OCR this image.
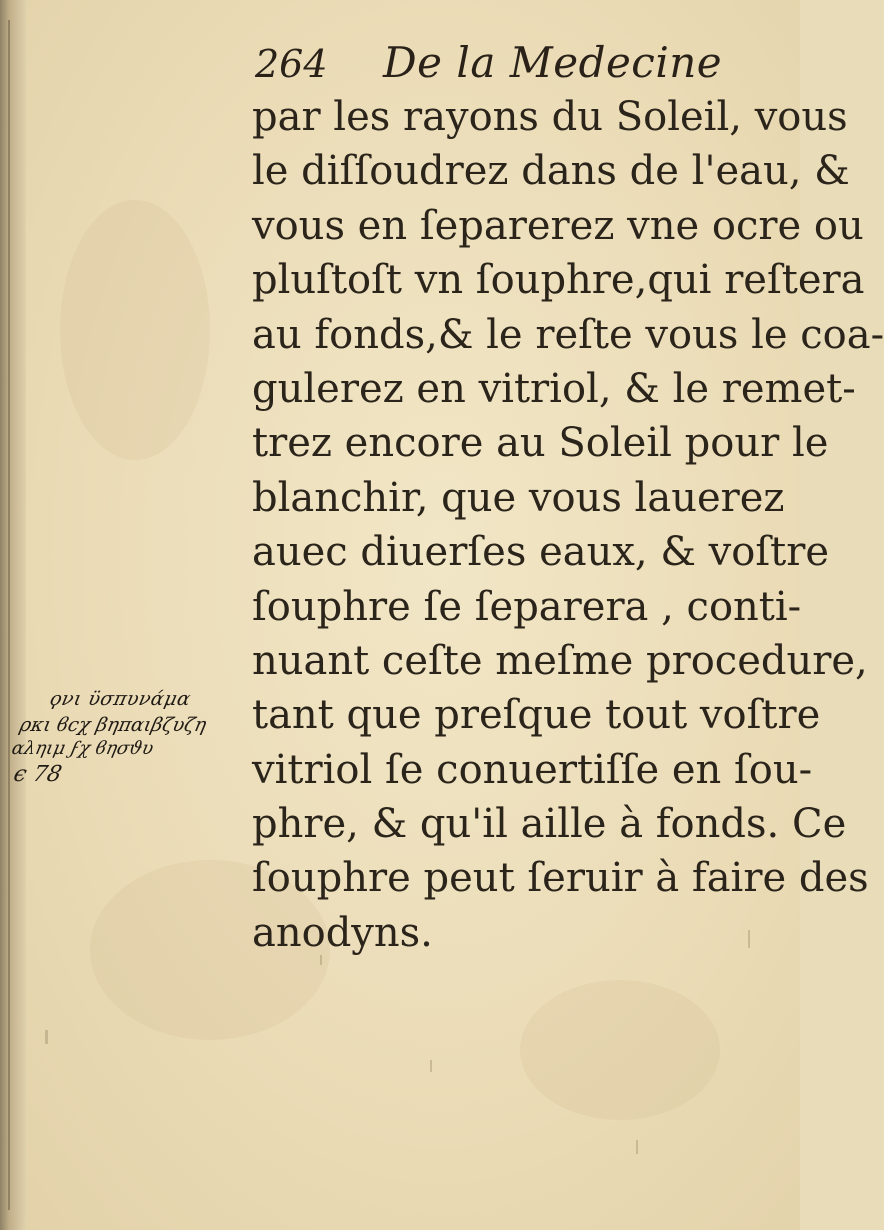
264 De la Medecine
par les rayons du Soleil, vous
le diſſoudrez dans de l'eau, &
vous en ſeparerez vne ocre ou
pluſtoſt vn ſouphre,qui reſtera
au fonds,& le reſte vous le coa-
gulerez en vitriol, & le remet-
trez encore au Soleil pour le
blanchir, que vous lauerez
auec diuerſes eaux, & voſtre
ſouphre ſe ſeparera , conti-
nuant ceſte meſme procedure,
tant que preſque tout voſtre
vitriol ſe conuertiſſe en ſou-
phre, & qu'il aille à fonds. Ce
ſouphre peut ſeruir à faire des
anodyns.
ϙνι ϋσπυνάμα
ρκι ϐϲχ βηπαιβζυζη
αληιμ ϝχ ϐησϑυ
ϵ 78
